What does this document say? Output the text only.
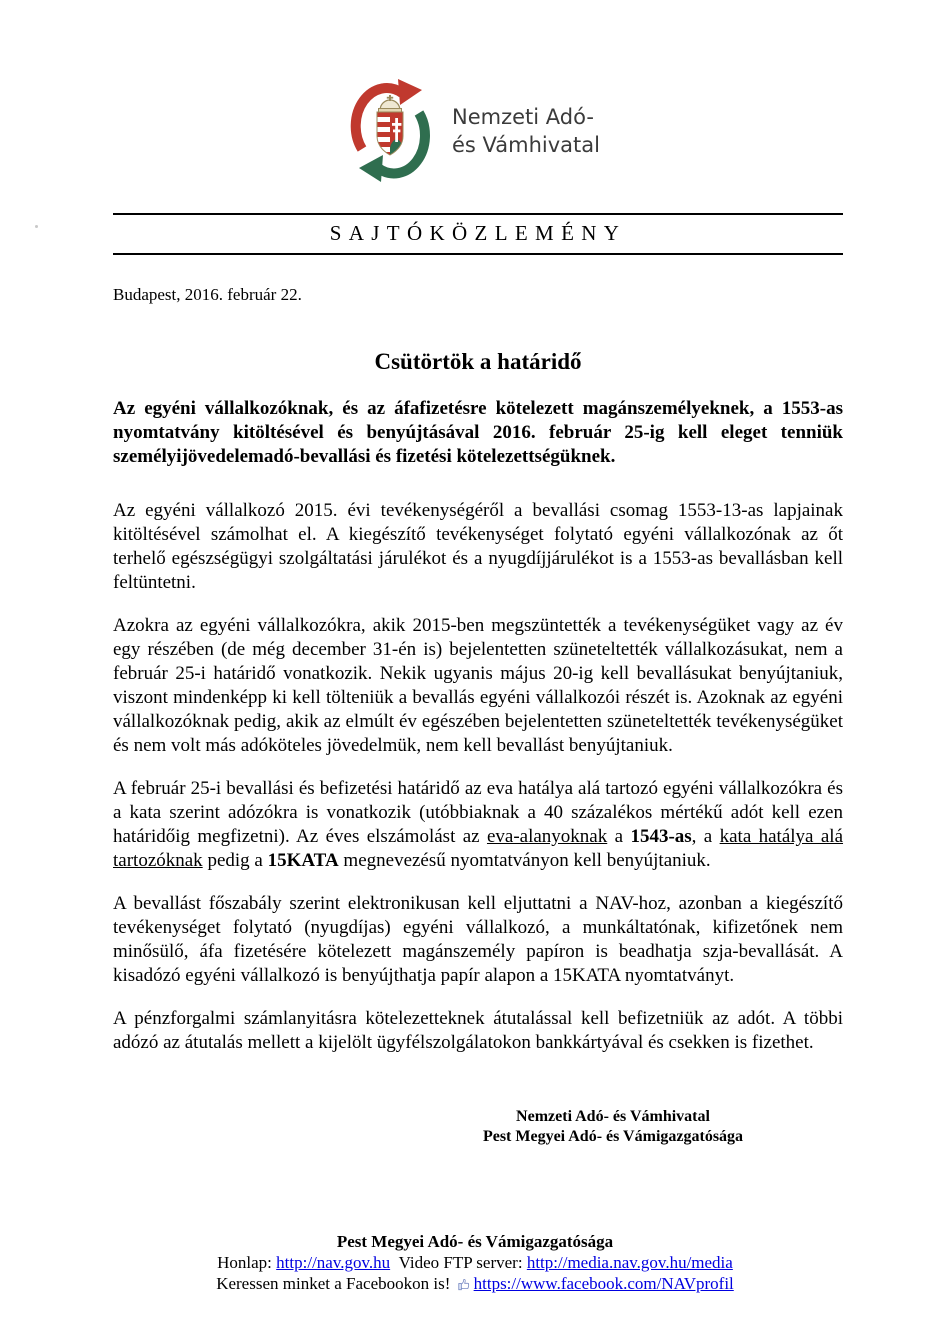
Nemzeti Adó-
és Vámhivatal
SAJTÓKÖZLEMÉNY
Budapest, 2016. február 22.
Csütörtök a határidő

Az egyéni vállalkozóknak, és az áfafizetésre kötelezett magánszemélyeknek, a 1553-as nyomtatvány kitöltésével és benyújtásával 2016. február 25-ig kell eleget tenniük személyijövedelemadó-bevallási és fizetési kötelezettségüknek.

Az egyéni vállalkozó 2015. évi tevékenységéről a bevallási csomag 1553-13-as lapjainak kitöltésével számolhat el. A kiegészítő tevékenységet folytató egyéni vállalkozónak az őt terhelő egészségügyi szolgáltatási járulékot és a nyugdíjjárulékot is a 1553-as bevallásban kell feltüntetni.

Azokra az egyéni vállalkozókra, akik 2015-ben megszüntették a tevékenységüket vagy az év egy részében (de még december 31-én is) bejelentetten szüneteltették vállalkozásukat, nem a február 25-i határidő vonatkozik. Nekik ugyanis május 20-ig kell bevallásukat benyújtaniuk, viszont mindenképp ki kell tölteniük a bevallás egyéni vállalkozói részét is. Azoknak az egyéni vállalkozóknak pedig, akik az elmúlt év egészében bejelentetten szüneteltették tevékenységüket és nem volt más adóköteles jövedelmük, nem kell bevallást benyújtaniuk.

A február 25-i bevallási és befizetési határidő az eva hatálya alá tartozó egyéni vállalkozókra és a kata szerint adózókra is vonatkozik (utóbbiaknak a 40 százalékos mértékű adót kell ezen határidőig megfizetni). Az éves elszámolást az eva-alanyoknak a 1543-as, a kata hatálya alá tartozóknak pedig a 15KATA megnevezésű nyomtatványon kell benyújtaniuk.

A bevallást főszabály szerint elektronikusan kell eljuttatni a NAV-hoz, azonban a kiegészítő tevékenységet folytató (nyugdíjas) egyéni vállalkozó, a munkáltatónak, kifizetőnek nem minősülő, áfa fizetésére kötelezett magánszemély papíron is beadhatja szja-bevallását. A kisadózó egyéni vállalkozó is benyújthatja papír alapon a 15KATA nyomtatványt.

A pénzforgalmi számlanyitásra kötelezetteknek átutalással kell befizetniük az adót. A többi adózó az átutalás mellett a kijelölt ügyfélszolgálatokon bankkártyával és csekken is fizethet.

Nemzeti Adó- és Vámhivatal
Pest Megyei Adó- és Vámigazgatósága
Pest Megyei Adó- és Vámigazgatósága
Honlap: http://nav.gov.hu  Video FTP server: http://media.nav.gov.hu/media
Keressen minket a Facebookon is! https://www.facebook.com/NAVprofil
